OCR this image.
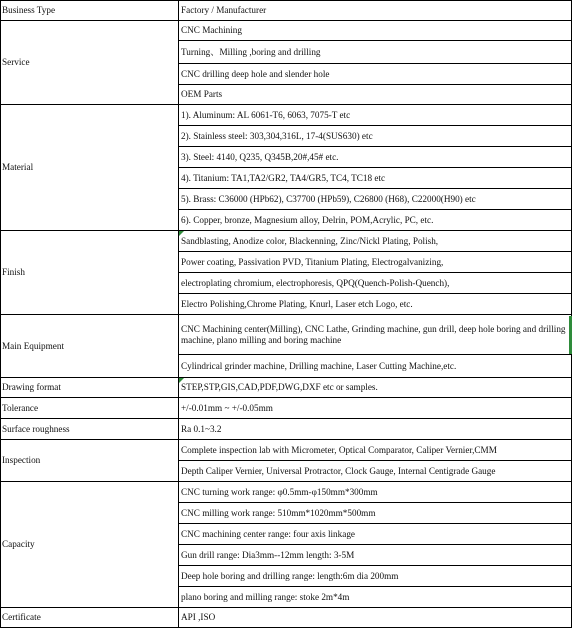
Business Type	Factory / Manufacturer
Service	CNC Machining
	Turning、Milling ,boring and drilling
	CNC drilling deep hole and slender hole
	OEM Parts
Material	1). Aluminum: AL 6061-T6, 6063, 7075-T etc
	2). Stainless steel: 303,304,316L, 17-4(SUS630) etc
	3). Steel: 4140, Q235, Q345B,20#,45# etc.
	4). Titanium: TA1,TA2/GR2, TA4/GR5, TC4, TC18 etc
	5). Brass: C36000 (HPb62), C37700 (HPb59), C26800 (H68), C22000(H90) etc
	6). Copper, bronze, Magnesium alloy, Delrin, POM,Acrylic, PC, etc.
Finish	Sandblasting, Anodize color, Blackenning, Zinc/Nickl Plating, Polish,
	Power coating, Passivation PVD, Titanium Plating, Electrogalvanizing,
	electroplating chromium, electrophoresis, QPQ(Quench-Polish-Quench),
	Electro Polishing,Chrome Plating, Knurl, Laser etch Logo, etc.
Main Equipment	CNC Machining center(Milling), CNC Lathe, Grinding machine, gun drill, deep hole boring and drilling machine, plano milling and boring machine
	Cylindrical grinder machine, Drilling machine, Laser Cutting Machine,etc.
Drawing format	STEP,STP,GIS,CAD,PDF,DWG,DXF etc or samples.
Tolerance	+/-0.01mm ~ +/-0.05mm
Surface roughness	Ra 0.1~3.2
Inspection	Complete inspection lab with Micrometer, Optical Comparator, Caliper Vernier,CMM
	Depth Caliper Vernier, Universal Protractor, Clock Gauge, Internal Centigrade Gauge
Capacity	CNC turning work range: φ0.5mm-φ150mm*300mm
	CNC milling work range: 510mm*1020mm*500mm
	CNC machining center range: four axis linkage
	Gun drill range: Dia3mm--12mm length: 3-5M
	Deep hole boring and drilling range: length:6m dia 200mm
	plano boring and milling range: stoke 2m*4m
Certificate	API ,ISO
